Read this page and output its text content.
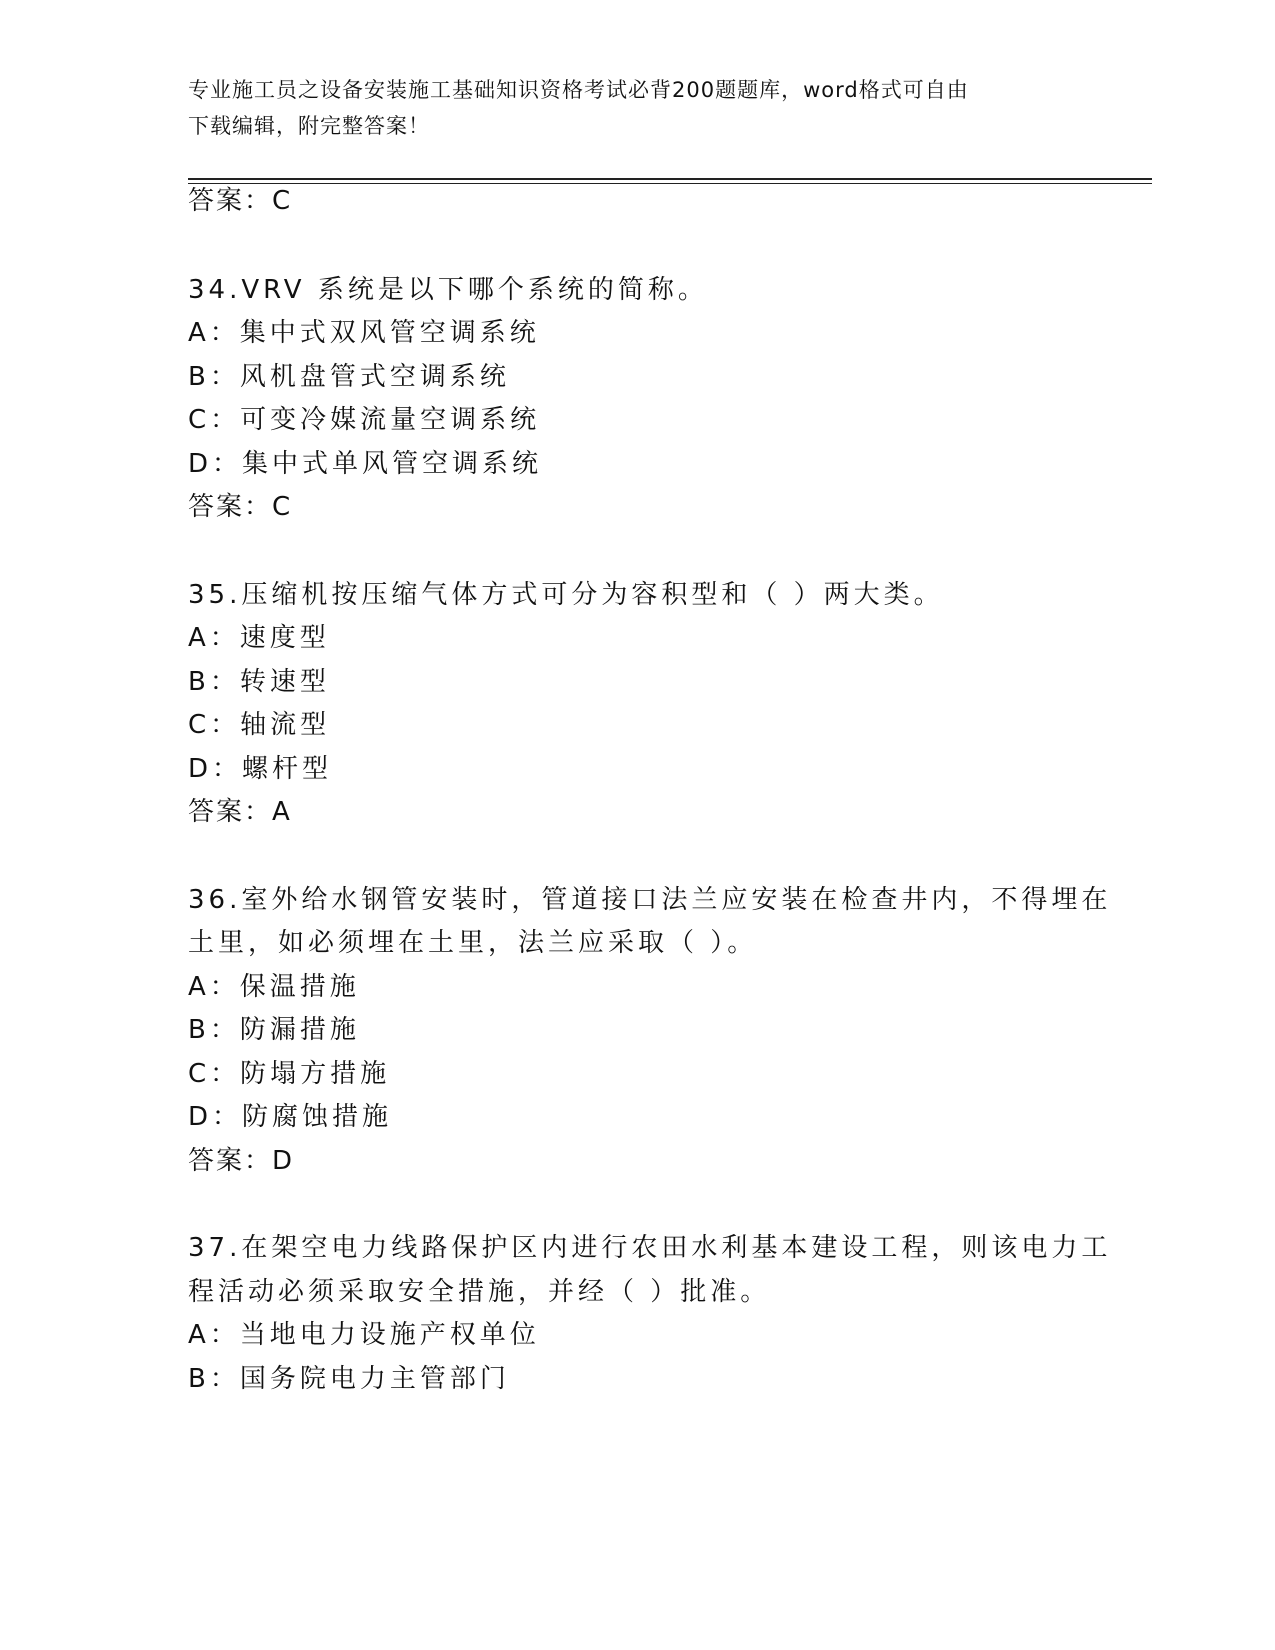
专业施工员之设备安装施工基础知识资格考试必背200题题库，word格式可自由
下载编辑，附完整答案！
答案：C
34.VRV 系统是以下哪个系统的简称。
A：集中式双风管空调系统
B：风机盘管式空调系统
C：可变冷媒流量空调系统
D：集中式单风管空调系统
答案：C
35.压缩机按压缩气体方式可分为容积型和（ ）两大类。
A：速度型
B：转速型
C：轴流型
D：螺杆型
答案：A
36.室外给水钢管安装时，管道接口法兰应安装在检查井内，不得埋在
土里，如必须埋在土里，法兰应采取（ ）。
A：保温措施
B：防漏措施
C：防塌方措施
D：防腐蚀措施
答案：D
37.在架空电力线路保护区内进行农田水利基本建设工程，则该电力工
程活动必须采取安全措施，并经（ ）批准。
A：当地电力设施产权单位
B：国务院电力主管部门
